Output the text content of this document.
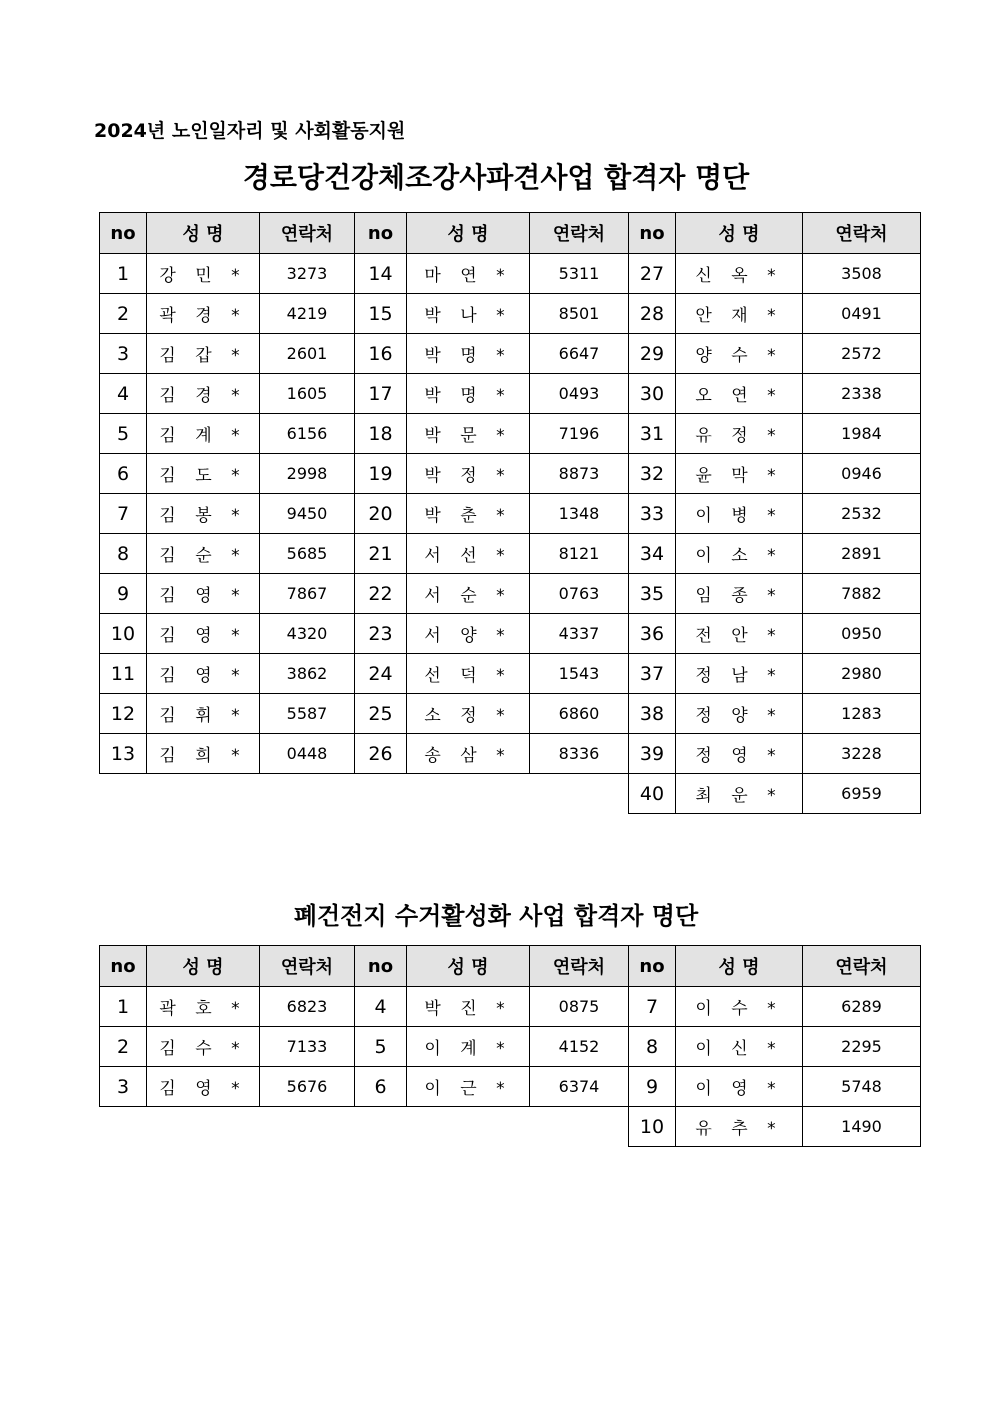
2024년 노인일자리 및 사회활동지원
경로당건강체조강사파견사업 합격자 명단
폐건전지 수거활성화 사업 합격자 명단
no	성 명	연락처	no	성 명	연락처	no	성 명	연락처
1	강 민 *	3273	14	마 연 *	5311	27	신 옥 *	3508
2	곽 경 *	4219	15	박 나 *	8501	28	안 재 *	0491
3	김 갑 *	2601	16	박 명 *	6647	29	양 수 *	2572
4	김 경 *	1605	17	박 명 *	0493	30	오 연 *	2338
5	김 계 *	6156	18	박 문 *	7196	31	유 정 *	1984
6	김 도 *	2998	19	박 정 *	8873	32	윤 막 *	0946
7	김 봉 *	9450	20	박 춘 *	1348	33	이 병 *	2532
8	김 순 *	5685	21	서 선 *	8121	34	이 소 *	2891
9	김 영 *	7867	22	서 순 *	0763	35	임 종 *	7882
10	김 영 *	4320	23	서 양 *	4337	36	전 안 *	0950
11	김 영 *	3862	24	선 덕 *	1543	37	정 남 *	2980
12	김 휘 *	5587	25	소 정 *	6860	38	정 양 *	1283
13	김 희 *	0448	26	송 삼 *	8336	39	정 영 *	3228
						40	최 운 *	6959
no	성 명	연락처	no	성 명	연락처	no	성 명	연락처
1	곽 호 *	6823	4	박 진 *	0875	7	이 수 *	6289
2	김 수 *	7133	5	이 계 *	4152	8	이 신 *	2295
3	김 영 *	5676	6	이 근 *	6374	9	이 영 *	5748
						10	유 추 *	1490
